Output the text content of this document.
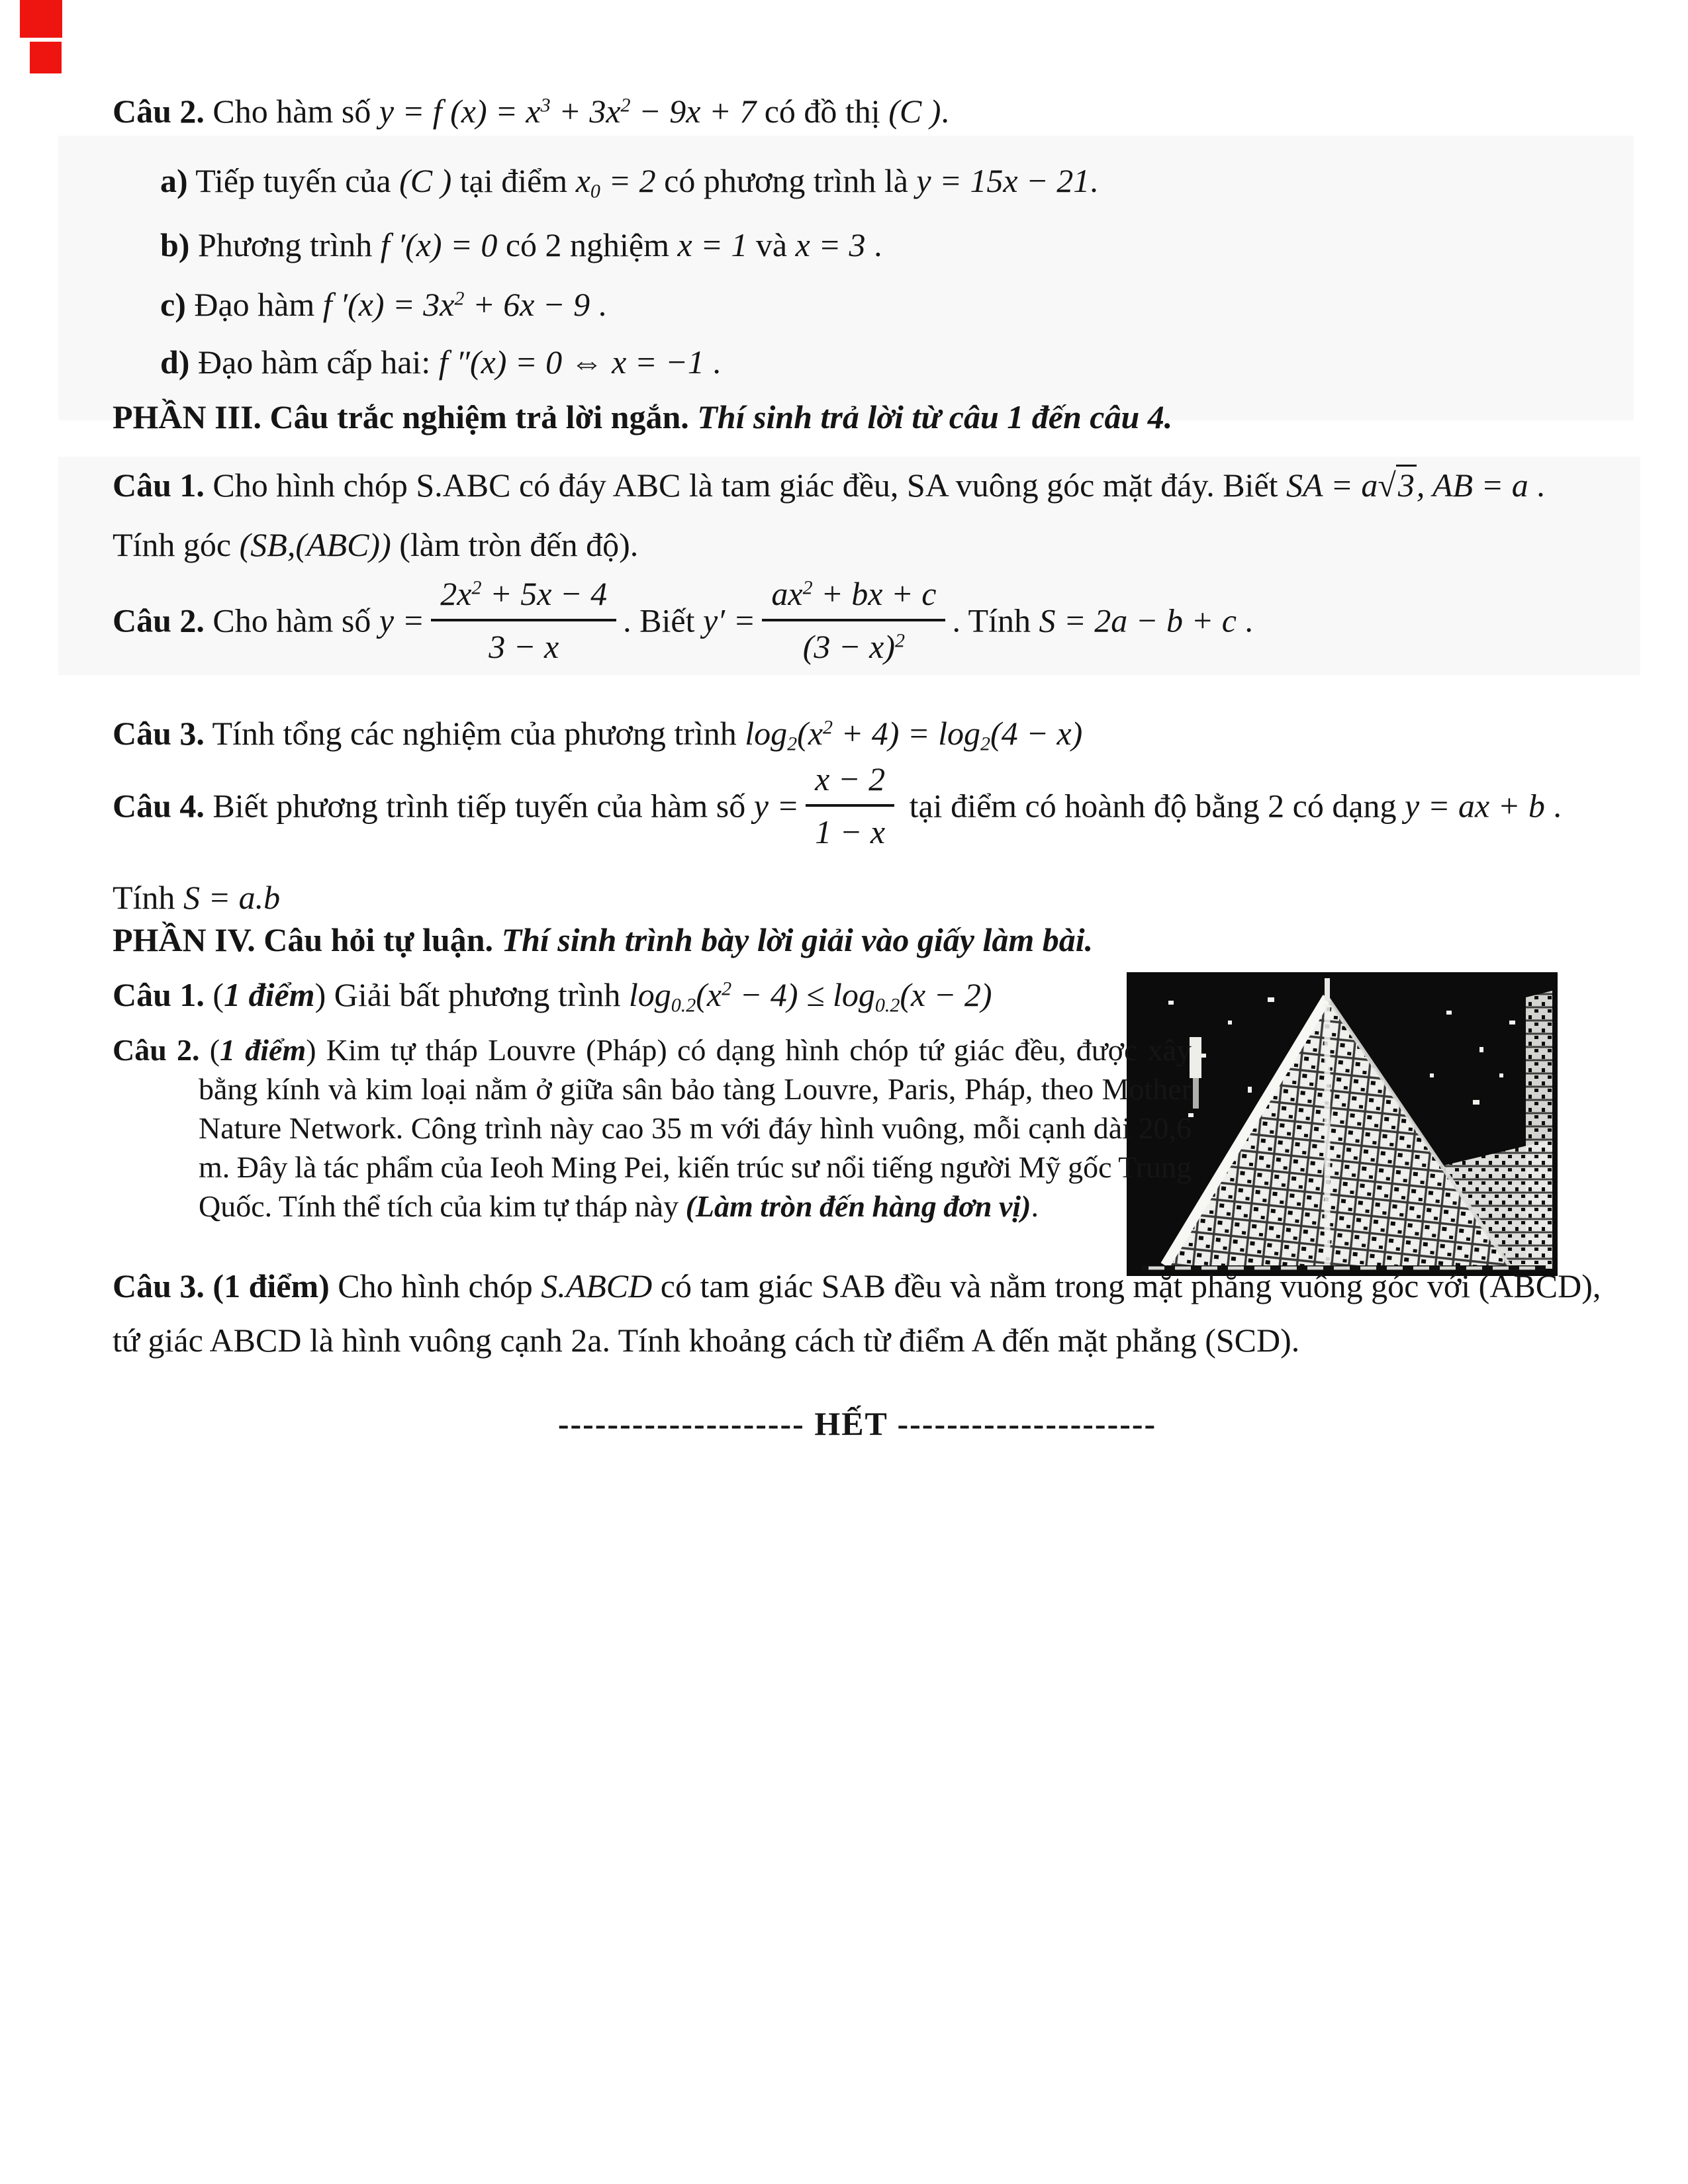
Câu 2. Cho hàm số y = f (x) = x3 + 3x2 − 9x + 7 có đồ thị (C ).

a) Tiếp tuyến của (C ) tại điểm x0 = 2 có phương trình là y = 15x − 21.

b) Phương trình f ′(x) = 0 có 2 nghiệm x = 1 và x = 3 .

c) Đạo hàm f ′(x) = 3x2 + 6x − 9 .

d) Đạo hàm cấp hai: f ″(x) = 0 ⇔ x = −1 .

PHẦN III. Câu trắc nghiệm trả lời ngắn. Thí sinh trả lời từ câu 1 đến câu 4.

Câu 1. Cho hình chóp S.ABC có đáy ABC là tam giác đều, SA vuông góc mặt đáy. Biết SA = a√3, AB = a .

Tính góc (SB,(ABC)) (làm tròn đến độ).

Câu 2. Cho hàm số $y = \frac{2x2 + 5x - 4}{3 - x}$ . Biết $y' = \frac{ax2 + bx + c}{(3 - x)2}$ . Tính S = 2a − b + c .

Câu 3. Tính tổng các nghiệm của phương trình log2(x2 + 4) = log2(4 − x)

Câu 4. Biết phương trình tiếp tuyến của hàm số $y = \frac{x - 2}{1 - x}$ tại điểm có hoành độ bằng 2 có dạng y = ax + b .

Tính S = a.b

PHẦN IV. Câu hỏi tự luận. Thí sinh trình bày lời giải vào giấy làm bài.

Câu 1. (1 điểm) Giải bất phương trình log0.2(x2 − 4) ≤ log0.2(x − 2)

Câu 2. (1 điểm) Kim tự tháp Louvre (Pháp) có dạng hình chóp tứ giác đều, được xây bằng kính và kim loại nằm ở giữa sân bảo tàng Louvre, Paris, Pháp, theo Mother Nature Network. Công trình này cao 35 m với đáy hình vuông, mỗi cạnh dài 20,6 m. Đây là tác phẩm của Ieoh Ming Pei, kiến trúc sư nổi tiếng người Mỹ gốc Trung Quốc. Tính thể tích của kim tự tháp này (Làm tròn đến hàng đơn vị).

Câu 3. (1 điểm) Cho hình chóp S.ABCD có tam giác SAB đều và nằm trong mặt phẳng vuông góc với (ABCD), tứ giác ABCD là hình vuông cạnh 2a. Tính khoảng cách từ điểm A đến mặt phẳng (SCD).

-------------------- HẾT ---------------------
